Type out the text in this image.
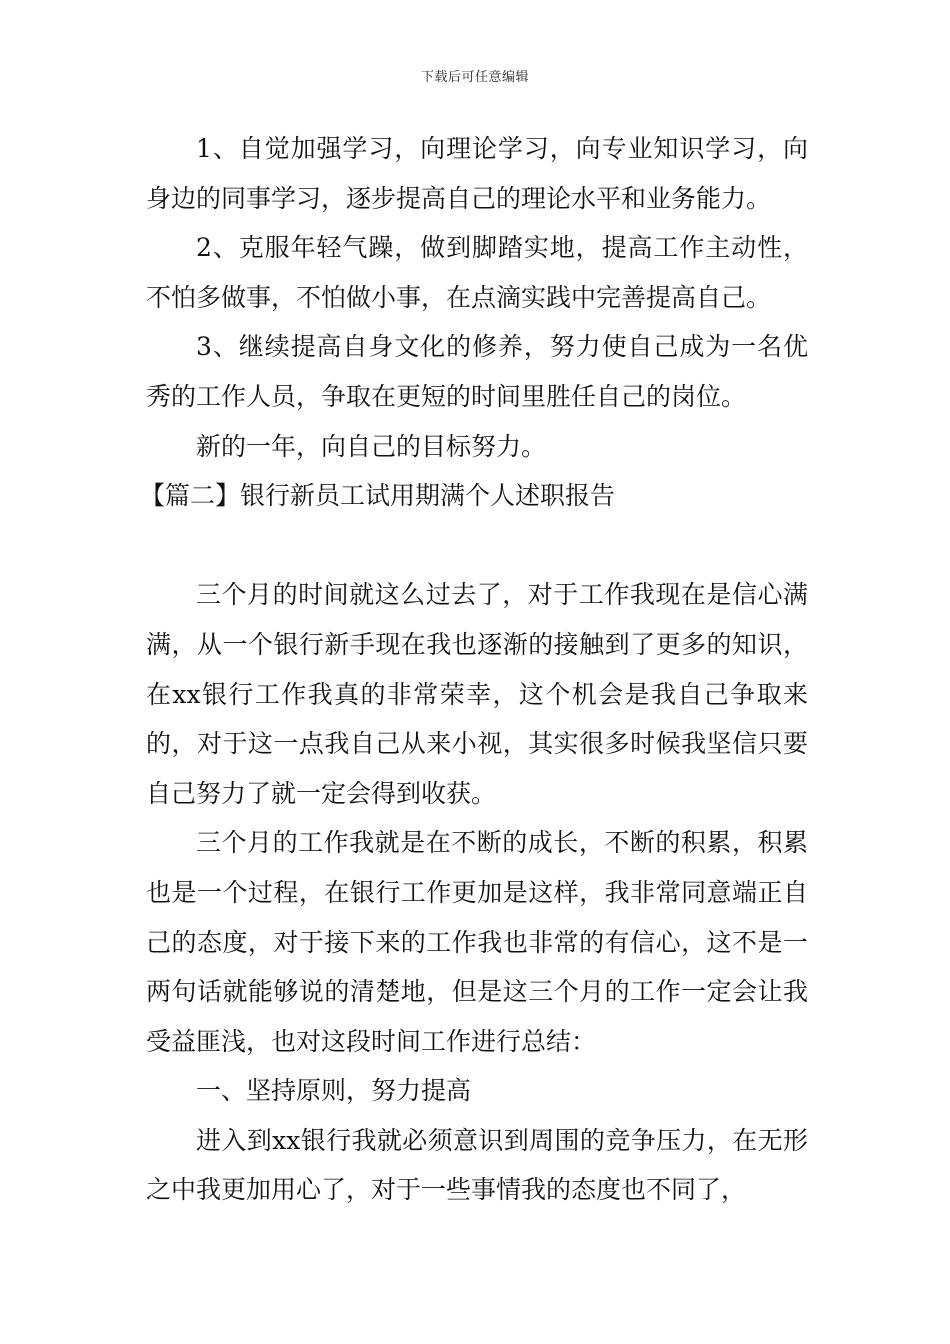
下载后可任意编辑

1、自觉加强学习，向理论学习，向专业知识学习，向身边的同事学习，逐步提高自己的理论水平和业务能力。

2、克服年轻气躁，做到脚踏实地，提高工作主动性，不怕多做事，不怕做小事，在点滴实践中完善提高自己。

3、继续提高自身文化的修养，努力使自己成为一名优秀的工作人员，争取在更短的时间里胜任自己的岗位。

新的一年，向自己的目标努力。

【篇二】银行新员工试用期满个人述职报告

三个月的时间就这么过去了，对于工作我现在是信心满满，从一个银行新手现在我也逐渐的接触到了更多的知识，在xx银行工作我真的非常荣幸，这个机会是我自己争取来的，对于这一点我自己从来小视，其实很多时候我坚信只要自己努力了就一定会得到收获。

三个月的工作我就是在不断的成长，不断的积累，积累也是一个过程，在银行工作更加是这样，我非常同意端正自己的态度，对于接下来的工作我也非常的有信心，这不是一两句话就能够说的清楚地，但是这三个月的工作一定会让我受益匪浅，也对这段时间工作进行总结：

一、坚持原则，努力提高

进入到xx银行我就必须意识到周围的竞争压力，在无形之中我更加用心了，对于一些事情我的态度也不同了，
